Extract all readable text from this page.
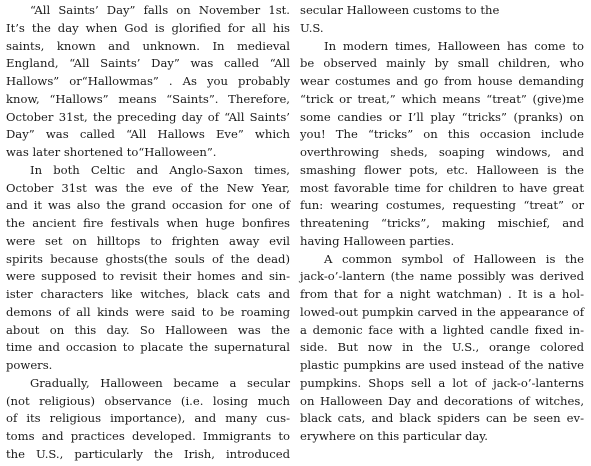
“All Saints’ Day” falls on November 1st.
It’s the day when God is glorified for all his
saints, known and unknown. In medieval
England, “All Saints’ Day” was called “All
Hallows” or“Hallowmas” . As you probably
know, “Hallows” means “Saints”. Therefore,
October 31st, the preceding day of “All Saints’
Day” was called “All Hallows Eve” which
was later shortened to“Halloween”.
In both Celtic and Anglo-Saxon times,
October 31st was the eve of the New Year,
and it was also the grand occasion for one of
the ancient fire festivals when huge bonfires
were set on hilltops to frighten away evil
spirits because ghosts(the souls of the dead)
were supposed to revisit their homes and sin-
ister characters like witches, black cats and
demons of all kinds were said to be roaming
about on this day. So Halloween was the
time and occasion to placate the supernatural
powers.
Gradually, Halloween became a secular
(not religious) observance (i.e. losing much
of its religious importance), and many cus-
toms and practices developed. Immigrants to
the U.S., particularly the Irish, introduced
secular Halloween customs to the
U.S.
In modern times, Halloween has come to
be observed mainly by small children, who
wear costumes and go from house demanding
“trick or treat,” which means “treat” (give)me
some candies or I’ll play “tricks” (pranks) on
you! The “tricks” on this occasion include
overthrowing sheds, soaping windows, and
smashing flower pots, etc. Halloween is the
most favorable time for children to have great
fun: wearing costumes, requesting “treat” or
threatening “tricks”, making mischief, and
having Halloween parties.
A common symbol of Halloween is the
jack-o’-lantern (the name possibly was derived
from that for a night watchman) . It is a hol-
lowed-out pumpkin carved in the appearance of
a demonic face with a lighted candle fixed in-
side. But now in the U.S., orange colored
plastic pumpkins are used instead of the native
pumpkins. Shops sell a lot of jack-o’-lanterns
on Halloween Day and decorations of witches,
black cats, and black spiders can be seen ev-
erywhere on this particular day.
